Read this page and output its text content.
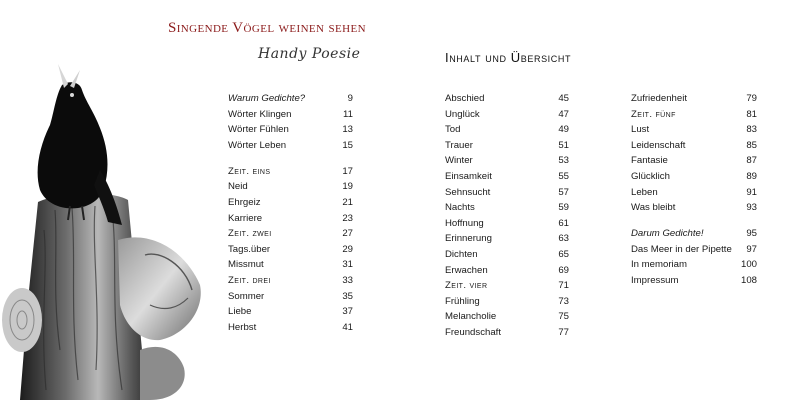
Singende Vögel weinen sehen
Handy Poesie	Inhalt und Übersicht
Warum Gedichte?	9
Wörter Klingen	11
Wörter Fühlen	13
Wörter Leben	15
Zeit. eins	17
Neid	19
Ehrgeiz	21
Karriere	23
Zeit. zwei	27
Tags.über	29
Missmut	31
Zeit. drei	33
Sommer	35
Liebe	37
Herbst	41
Abschied	45
Unglück	47
Tod	49
Trauer	51
Winter	53
Einsamkeit	55
Sehnsucht	57
Nachts	59
Hoffnung	61
Erinnerung	63
Dichten	65
Erwachen	69
Zeit. vier	71
Frühling	73
Melancholie	75
Freundschaft	77
Zufriedenheit	79
Zeit. fünf	81
Lust	83
Leidenschaft	85
Fantasie	87
Glücklich	89
Leben	91
Was bleibt	93
Darum Gedichte!	95
Das Meer in der Pipette 97
In memoriam	100
Impressum	108
